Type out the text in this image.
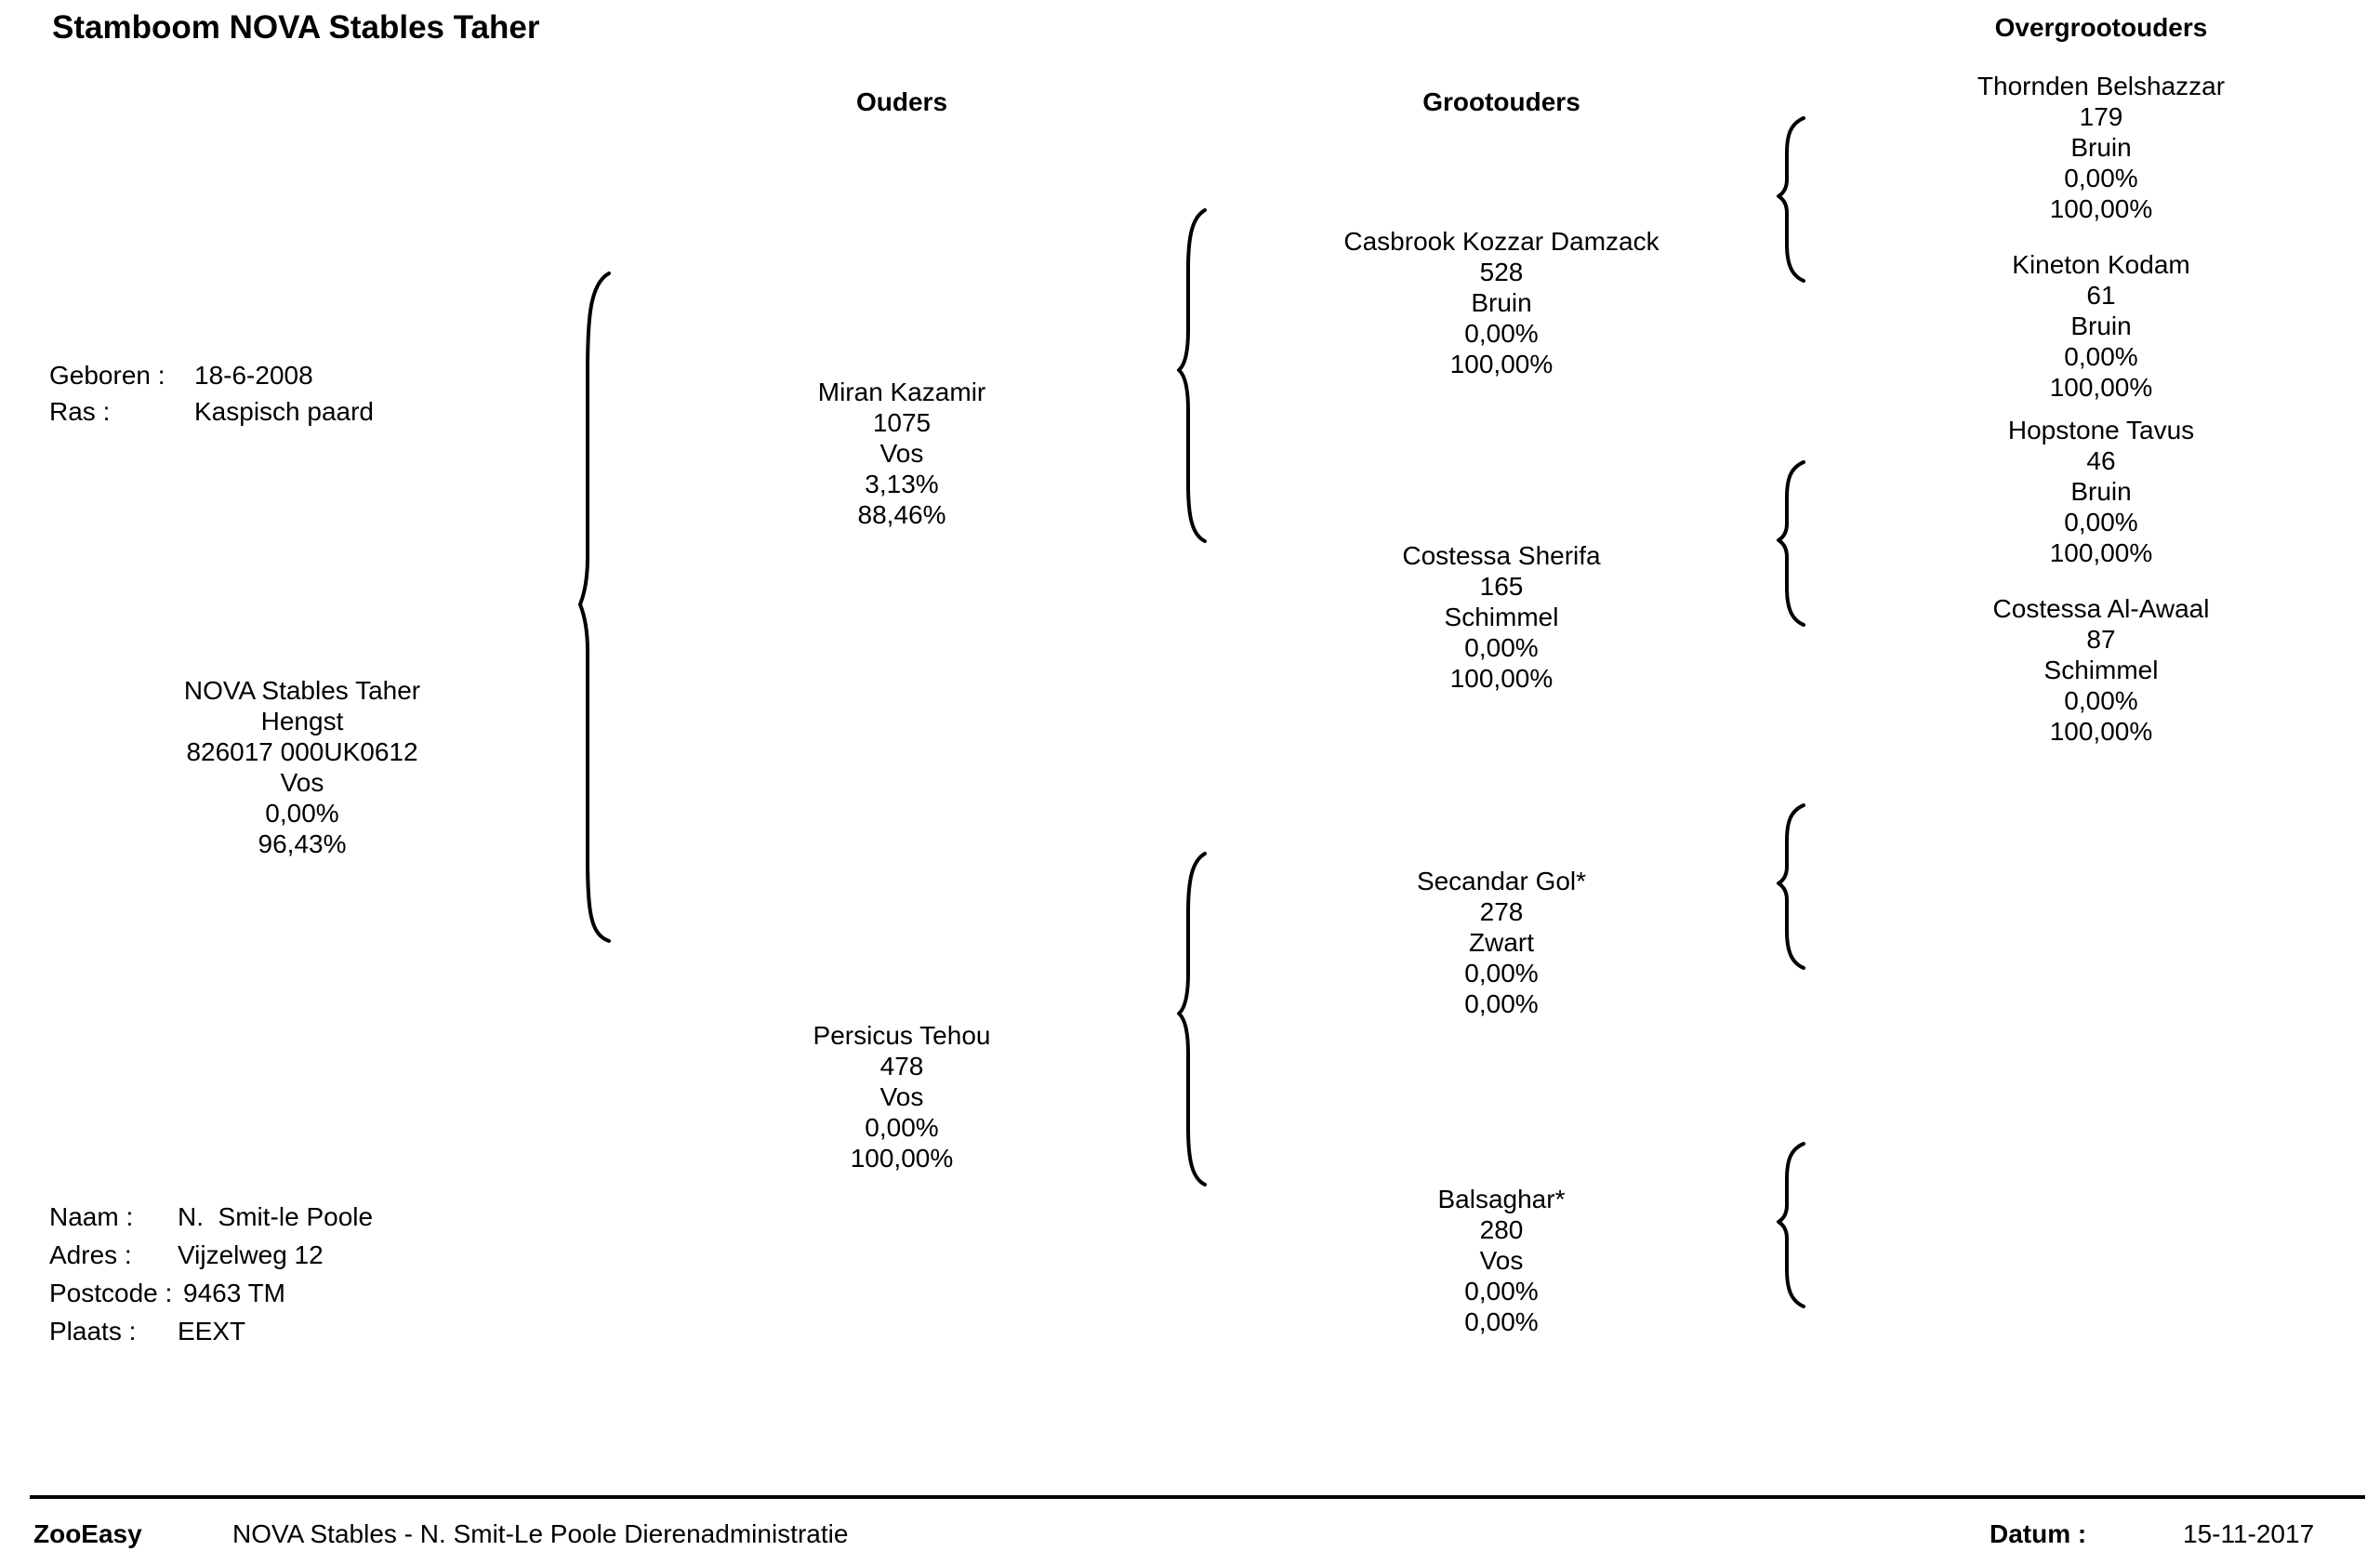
Stamboom NOVA Stables Taher
Ouders	Grootouders
Overgrootouders
Geboren : 18-6-2008
Ras :	Kaspisch paard
NOVA Stables Taher
Hengst
826017 000UK0612
Vos
0,00%
96,43%
Miran Kazamir
1075
Vos
3,13%
88,46%
Persicus Tehou
478
Vos
0,00%
100,00%
Casbrook Kozzar Damzack
528
Bruin
0,00%
100,00%
Costessa Sherifa
165
Schimmel
0,00%
100,00%
Secandar Gol*
278
Zwart
0,00%
0,00%
Balsaghar*
280
Vos
0,00%
0,00%
Thornden Belshazzar
179
Bruin
0,00%
100,00%
Kineton Kodam
61
Bruin
0,00%
100,00%
Hopstone Tavus
46
Bruin
0,00%
100,00%
Costessa Al-Awaal
87
Schimmel
0,00%
100,00%
Naam : N.  Smit-le Poole
Adres : Vijzelweg 12
Postcode : 9463 TM
Plaats : EEXT
ZooEasy	NOVA Stables - N. Smit-Le Poole Dierenadministratie	Datum :	15-11-2017
